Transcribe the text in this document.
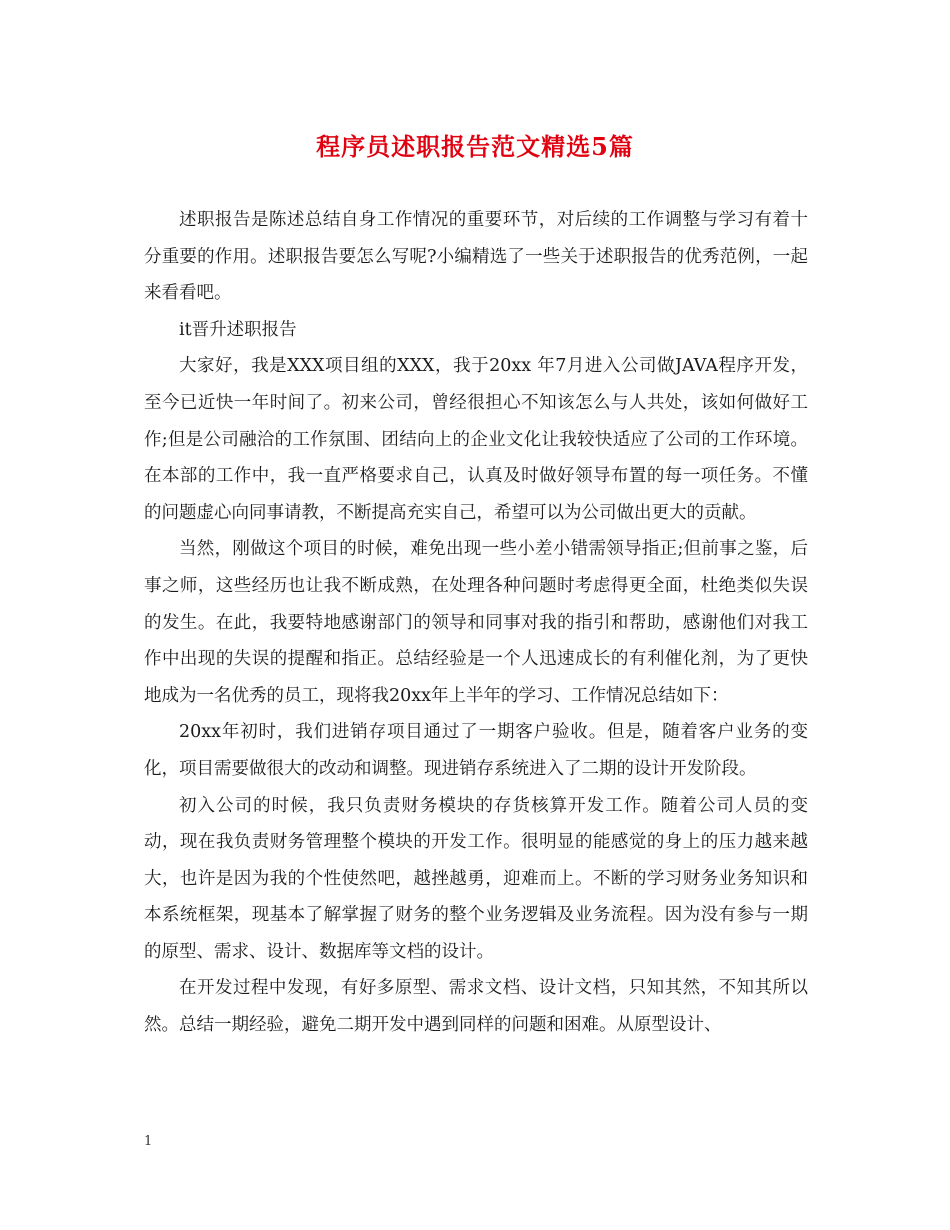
程序员述职报告范文精选5篇

述职报告是陈述总结自身工作情况的重要环节，对后续的工作调整与学习有着十分重要的作用。述职报告要怎么写呢?小编精选了一些关于述职报告的优秀范例，一起来看看吧。

it晋升述职报告

大家好，我是XXX项目组的XXX，我于20xx 年7月进入公司做JAVA程序开发，至今已近快一年时间了。初来公司，曾经很担心不知该怎么与人共处，该如何做好工作;但是公司融洽的工作氛围、团结向上的企业文化让我较快适应了公司的工作环境。在本部的工作中，我一直严格要求自己，认真及时做好领导布置的每一项任务。不懂的问题虚心向同事请教，不断提高充实自己，希望可以为公司做出更大的贡献。

当然，刚做这个项目的时候，难免出现一些小差小错需领导指正;但前事之鉴，后事之师，这些经历也让我不断成熟，在处理各种问题时考虑得更全面，杜绝类似失误的发生。在此，我要特地感谢部门的领导和同事对我的指引和帮助，感谢他们对我工作中出现的失误的提醒和指正。总结经验是一个人迅速成长的有利催化剂，为了更快地成为一名优秀的员工，现将我20xx年上半年的学习、工作情况总结如下：

20xx年初时，我们进销存项目通过了一期客户验收。但是，随着客户业务的变化，项目需要做很大的改动和调整。现进销存系统进入了二期的设计开发阶段。

初入公司的时候，我只负责财务模块的存货核算开发工作。随着公司人员的变动，现在我负责财务管理整个模块的开发工作。很明显的能感觉的身上的压力越来越大，也许是因为我的个性使然吧，越挫越勇，迎难而上。不断的学习财务业务知识和本系统框架，现基本了解掌握了财务的整个业务逻辑及业务流程。因为没有参与一期的原型、需求、设计、数据库等文档的设计。

在开发过程中发现，有好多原型、需求文档、设计文档，只知其然，不知其所以然。总结一期经验，避免二期开发中遇到同样的问题和困难。从原型设计、

1
